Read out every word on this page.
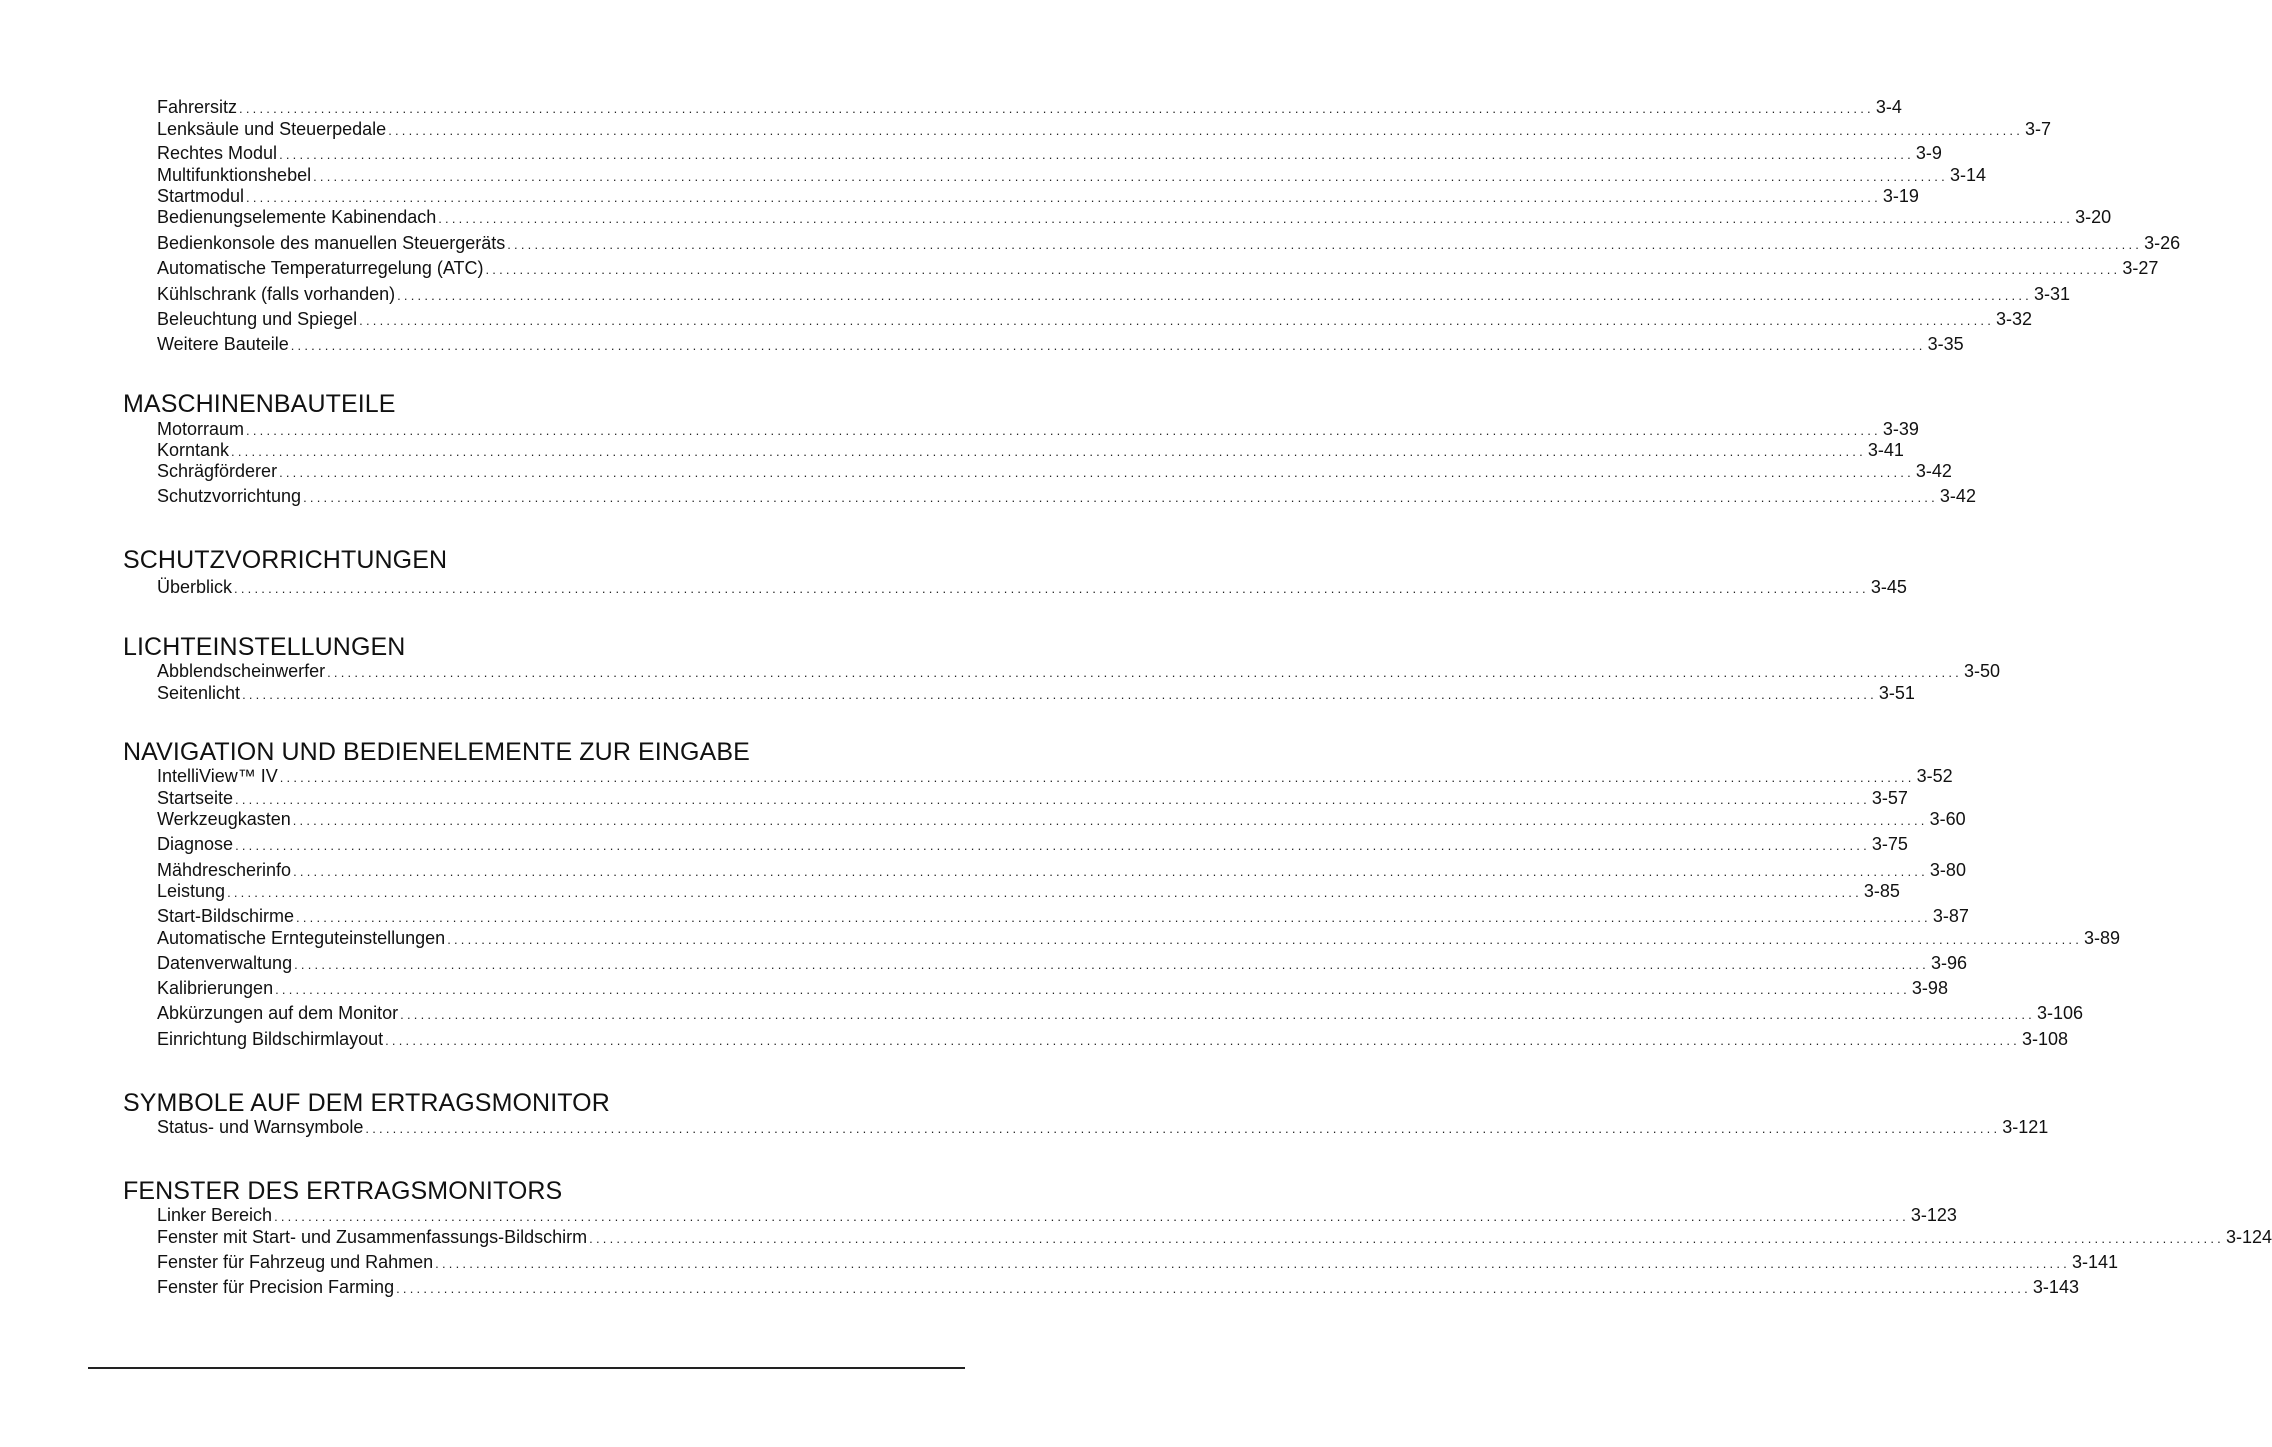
Fahrersitz ................................................................................................................................................................................................................................................ 3-4
Lenksäule und Steuerpedale ................................................................................................................................................................................................................................................ 3-7
Rechtes Modul ................................................................................................................................................................................................................................................ 3-9
Multifunktionshebel ................................................................................................................................................................................................................................................ 3-14
Startmodul ................................................................................................................................................................................................................................................ 3-19
Bedienungselemente Kabinendach ................................................................................................................................................................................................................................................ 3-20
Bedienkonsole des manuellen Steuergeräts ................................................................................................................................................................................................................................................ 3-26
Automatische Temperaturregelung (ATC) ................................................................................................................................................................................................................................................ 3-27
Kühlschrank (falls vorhanden) ................................................................................................................................................................................................................................................ 3-31
Beleuchtung und Spiegel ................................................................................................................................................................................................................................................ 3-32
Weitere Bauteile ................................................................................................................................................................................................................................................ 3-35
MASCHINENBAUTEILE
Motorraum ................................................................................................................................................................................................................................................ 3-39
Korntank ................................................................................................................................................................................................................................................ 3-41
Schrägförderer ................................................................................................................................................................................................................................................ 3-42
Schutzvorrichtung ................................................................................................................................................................................................................................................ 3-42
SCHUTZVORRICHTUNGEN
Überblick ................................................................................................................................................................................................................................................ 3-45
LICHTEINSTELLUNGEN
Abblendscheinwerfer ................................................................................................................................................................................................................................................ 3-50
Seitenlicht ................................................................................................................................................................................................................................................ 3-51
NAVIGATION UND BEDIENELEMENTE ZUR EINGABE
IntelliView™ IV ................................................................................................................................................................................................................................................ 3-52
Startseite ................................................................................................................................................................................................................................................ 3-57
Werkzeugkasten ................................................................................................................................................................................................................................................ 3-60
Diagnose ................................................................................................................................................................................................................................................ 3-75
Mähdrescherinfo ................................................................................................................................................................................................................................................ 3-80
Leistung ................................................................................................................................................................................................................................................ 3-85
Start-Bildschirme ................................................................................................................................................................................................................................................ 3-87
Automatische Ernteguteinstellungen ................................................................................................................................................................................................................................................ 3-89
Datenverwaltung ................................................................................................................................................................................................................................................ 3-96
Kalibrierungen ................................................................................................................................................................................................................................................ 3-98
Abkürzungen auf dem Monitor ................................................................................................................................................................................................................................................ 3-106
Einrichtung Bildschirmlayout ................................................................................................................................................................................................................................................ 3-108
SYMBOLE AUF DEM ERTRAGSMONITOR
Status- und Warnsymbole ................................................................................................................................................................................................................................................ 3-121
FENSTER DES ERTRAGSMONITORS
Linker Bereich ................................................................................................................................................................................................................................................ 3-123
Fenster mit Start- und Zusammenfassungs-Bildschirm ................................................................................................................................................................................................................................................ 3-124
Fenster für Fahrzeug und Rahmen ................................................................................................................................................................................................................................................ 3-141
Fenster für Precision Farming ................................................................................................................................................................................................................................................ 3-143
